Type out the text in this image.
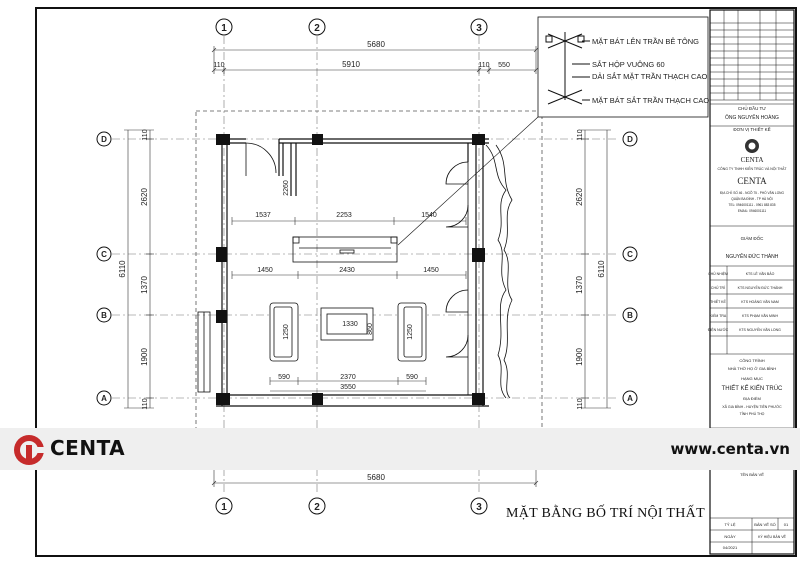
1	2	3
1	2	3
D
C
B
A
D
C
B
A
5680
110	5910	110 550
5680
6110
110
2620
1370
1900
110
6110
110
2620
1370
1900
110
1537	2253	1540
1450	2430	1450
2260
1250	1250
1330 860
590	2370	590
3550
MẶT BÁT LÊN TRẦN BÊ TÔNG
SẮT HỘP VUÔNG 60
DẢI SẮT MẶT TRẦN THẠCH CAO
MẶT BÁT SẮT TRẦN THẠCH CAO
CHỦ ĐẦU TƯ
ÔNG NGUYỄN HOÀNG
ĐƠN VỊ THIẾT KẾ
CENTA
CÔNG TY TNHH KIẾN TRÚC VÀ NỘI THẤT
CENTA
ĐỊA CHỈ: SỐ 46 - NGÕ 75 - PHỐ VĂN LONG
QUẬN BA ĐÌNH - TP HÀ NỘI
TEL: 0946001111 - 0961 883 835
EMAIL: 0946001111
GIÁM ĐỐC
NGUYỄN ĐỨC THÀNH
CHỦ NHIỆM	KTS LÊ VĂN BẢO
CHỦ TRÌ	KTS NGUYỄN ĐỨC THÀNH
THIẾT KẾ	KTS HOÀNG VĂN NAM
KIỂM TRA	KTS PHẠM VĂN MINH
ĐIỆN NƯỚC	KTS NGUYỄN VĂN LONG
CÔNG TRÌNH
NHÀ THỜ HỌ Ở GIA BÌNH
HẠNG MỤC
THIẾT KẾ KIẾN TRÚC
ĐỊA ĐIỂM
XÃ GIA BÌNH - HUYỆN TIÊN PHƯỚC
TỈNH PHÚ THỌ
TÊN BẢN VẼ
TỶ LỆ	BẢN VẼ SỐ 01
NGÀY
04/2021
KÝ HIỆU BẢN VẼ
CENTA	www.centa.vn
MẶT BẰNG BỐ TRÍ NỘI THẤT
